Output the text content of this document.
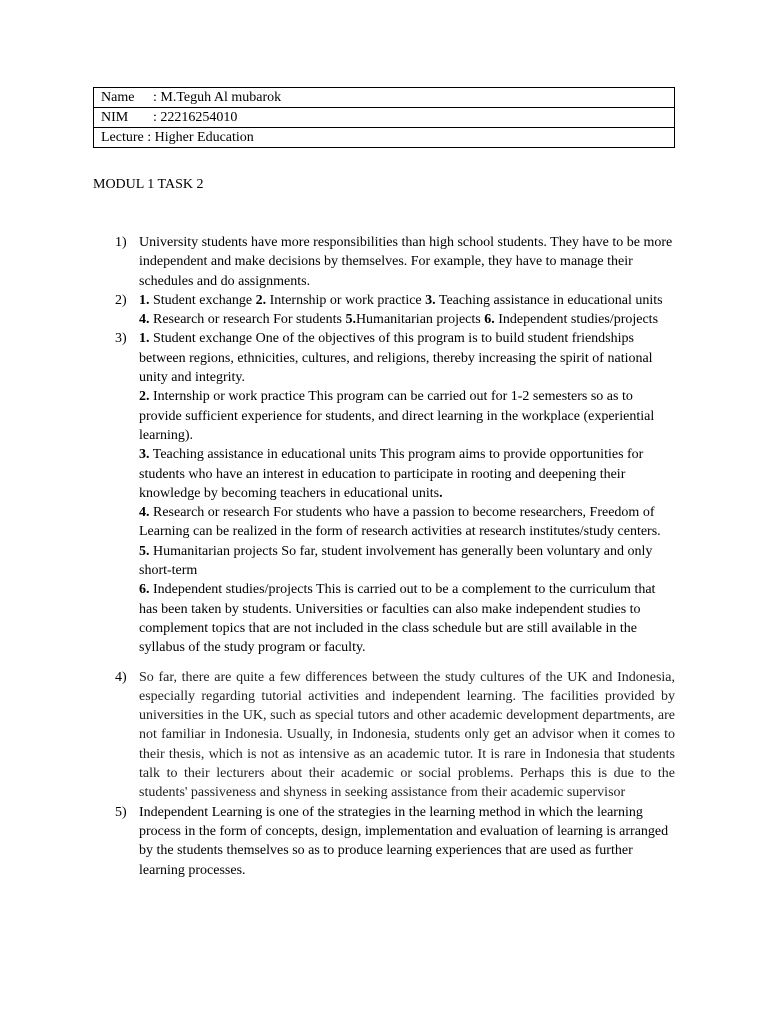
Name : M.Teguh Al mubarok
NIM : 22216254010
Lecture : Higher Education
MODUL 1 TASK 2
1 )	University students have more responsibilities than high school students. They have to be more independent and make decisions by themselves. For example, they have to manage their schedules and do assignments.
2 )	1. Student exchange 2. Internship or work practice 3. Teaching assistance in educational units 4. Research or research For students 5.Humanitarian projects 6. Independent studies/projects
3 )	1. Student exchange One of the objectives of this program is to build student friendships between regions, ethnicities, cultures, and religions, thereby increasing the spirit of national unity and integrity.
2. Internship or work practice This program can be carried out for 1-2 semesters so as to provide sufficient experience for students, and direct learning in the workplace (experiential learning).
3. Teaching assistance in educational units This program aims to provide opportunities for students who have an interest in education to participate in rooting and deepening their knowledge by becoming teachers in educational units.
4. Research or research For students who have a passion to become researchers, Freedom of Learning can be realized in the form of research activities at research institutes/study centers.
5. Humanitarian projects So far, student involvement has generally been voluntary and only short-term
6. Independent studies/projects This is carried out to be a complement to the curriculum that has been taken by students. Universities or faculties can also make independent studies to complement topics that are not included in the class schedule but are still available in the syllabus of the study program or faculty.
4 )	So far, there are quite a few differences between the study cultures of the UK and Indonesia, especially regarding tutorial activities and independent learning. The facilities provided by universities in the UK, such as special tutors and other academic development departments, are not familiar in Indonesia. Usually, in Indonesia, students only get an advisor when it comes to their thesis, which is not as intensive as an academic tutor. It is rare in Indonesia that students talk to their lecturers about their academic or social problems. Perhaps this is due to the students' passiveness and shyness in seeking assistance from their academic supervisor
5 )	Independent Learning is one of the strategies in the learning method in which the learning process in the form of concepts, design, implementation and evaluation of learning is arranged by the students themselves so as to produce learning experiences that are used as further learning processes.
